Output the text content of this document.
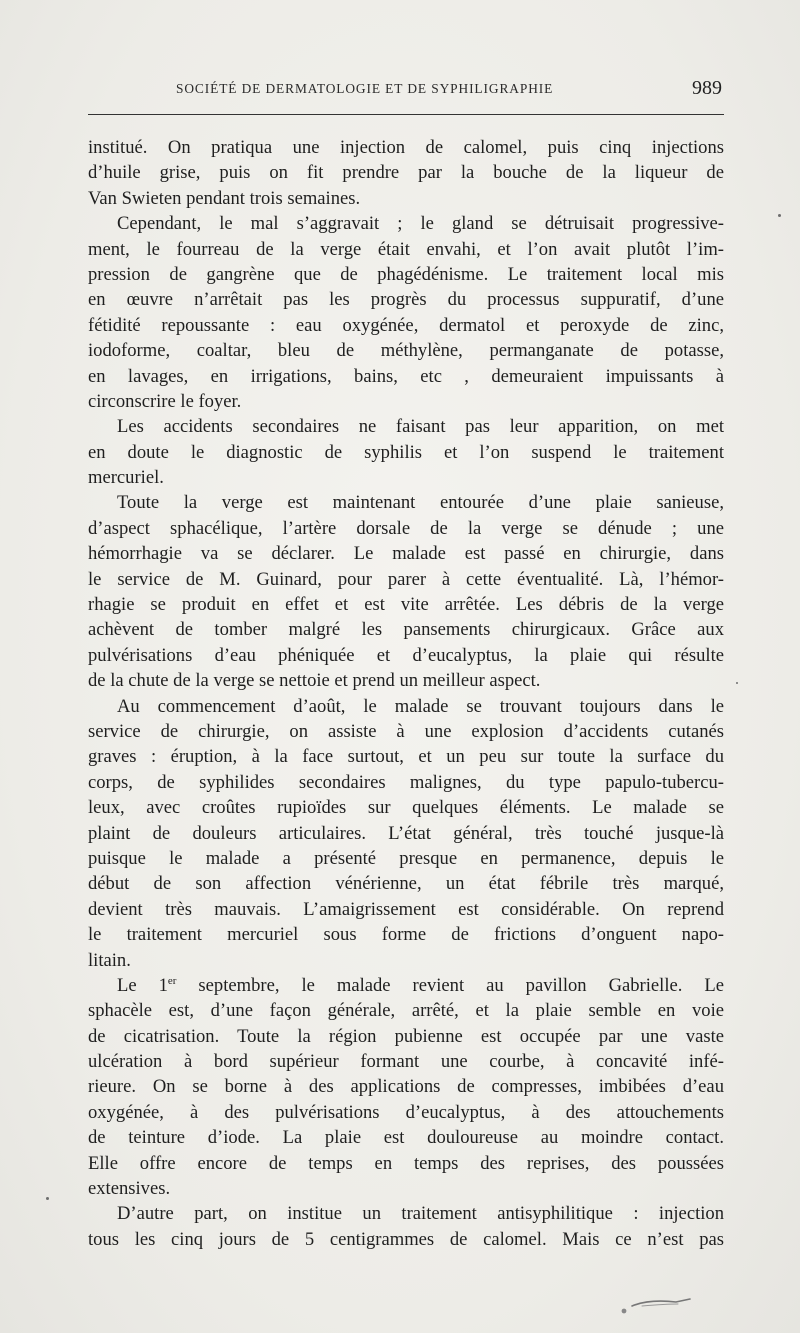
SOCIÉTÉ DE DERMATOLOGIE ET DE SYPHILIGRAPHIE	989
institué. On pratiqua une injection de calomel, puis cinq injections
d’huile grise, puis on fit prendre par la bouche de la liqueur de
Van Swieten pendant trois semaines.
Cependant, le mal s’aggravait ; le gland se détruisait progressive-
ment, le fourreau de la verge était envahi, et l’on avait plutôt l’im-
pression de gangrène que de phagédénisme. Le traitement local mis
en œuvre n’arrêtait pas les progrès du processus suppuratif, d’une
fétidité repoussante : eau oxygénée, dermatol et peroxyde de zinc,
iodoforme, coaltar, bleu de méthylène, permanganate de potasse,
en lavages, en irrigations, bains, etc , demeuraient impuissants à
circonscrire le foyer.
Les accidents secondaires ne faisant pas leur apparition, on met
en doute le diagnostic de syphilis et l’on suspend le traitement
mercuriel.
Toute la verge est maintenant entourée d’une plaie sanieuse,
d’aspect sphacélique, l’artère dorsale de la verge se dénude ; une
hémorrhagie va se déclarer. Le malade est passé en chirurgie, dans
le service de M. Guinard, pour parer à cette éventualité. Là, l’hémor-
rhagie se produit en effet et est vite arrêtée. Les débris de la verge
achèvent de tomber malgré les pansements chirurgicaux. Grâce aux
pulvérisations d’eau phéniquée et d’eucalyptus, la plaie qui résulte
de la chute de la verge se nettoie et prend un meilleur aspect.
Au commencement d’août, le malade se trouvant toujours dans le
service de chirurgie, on assiste à une explosion d’accidents cutanés
graves : éruption, à la face surtout, et un peu sur toute la surface du
corps, de syphilides secondaires malignes, du type papulo-tubercu-
leux, avec croûtes rupioïdes sur quelques éléments. Le malade se
plaint de douleurs articulaires. L’état général, très touché jusque-là
puisque le malade a présenté presque en permanence, depuis le
début de son affection vénérienne, un état fébrile très marqué,
devient très mauvais. L’amaigrissement est considérable. On reprend
le traitement mercuriel sous forme de frictions d’onguent napo-
litain.
Le 1er septembre, le malade revient au pavillon Gabrielle. Le
sphacèle est, d’une façon générale, arrêté, et la plaie semble en voie
de cicatrisation. Toute la région pubienne est occupée par une vaste
ulcération à bord supérieur formant une courbe, à concavité infé-
rieure. On se borne à des applications de compresses, imbibées d’eau
oxygénée, à des pulvérisations d’eucalyptus, à des attouchements
de teinture d’iode. La plaie est douloureuse au moindre contact.
Elle offre encore de temps en temps des reprises, des poussées
extensives.
D’autre part, on institue un traitement antisyphilitique : injection
tous les cinq jours de 5 centigrammes de calomel. Mais ce n’est pas
